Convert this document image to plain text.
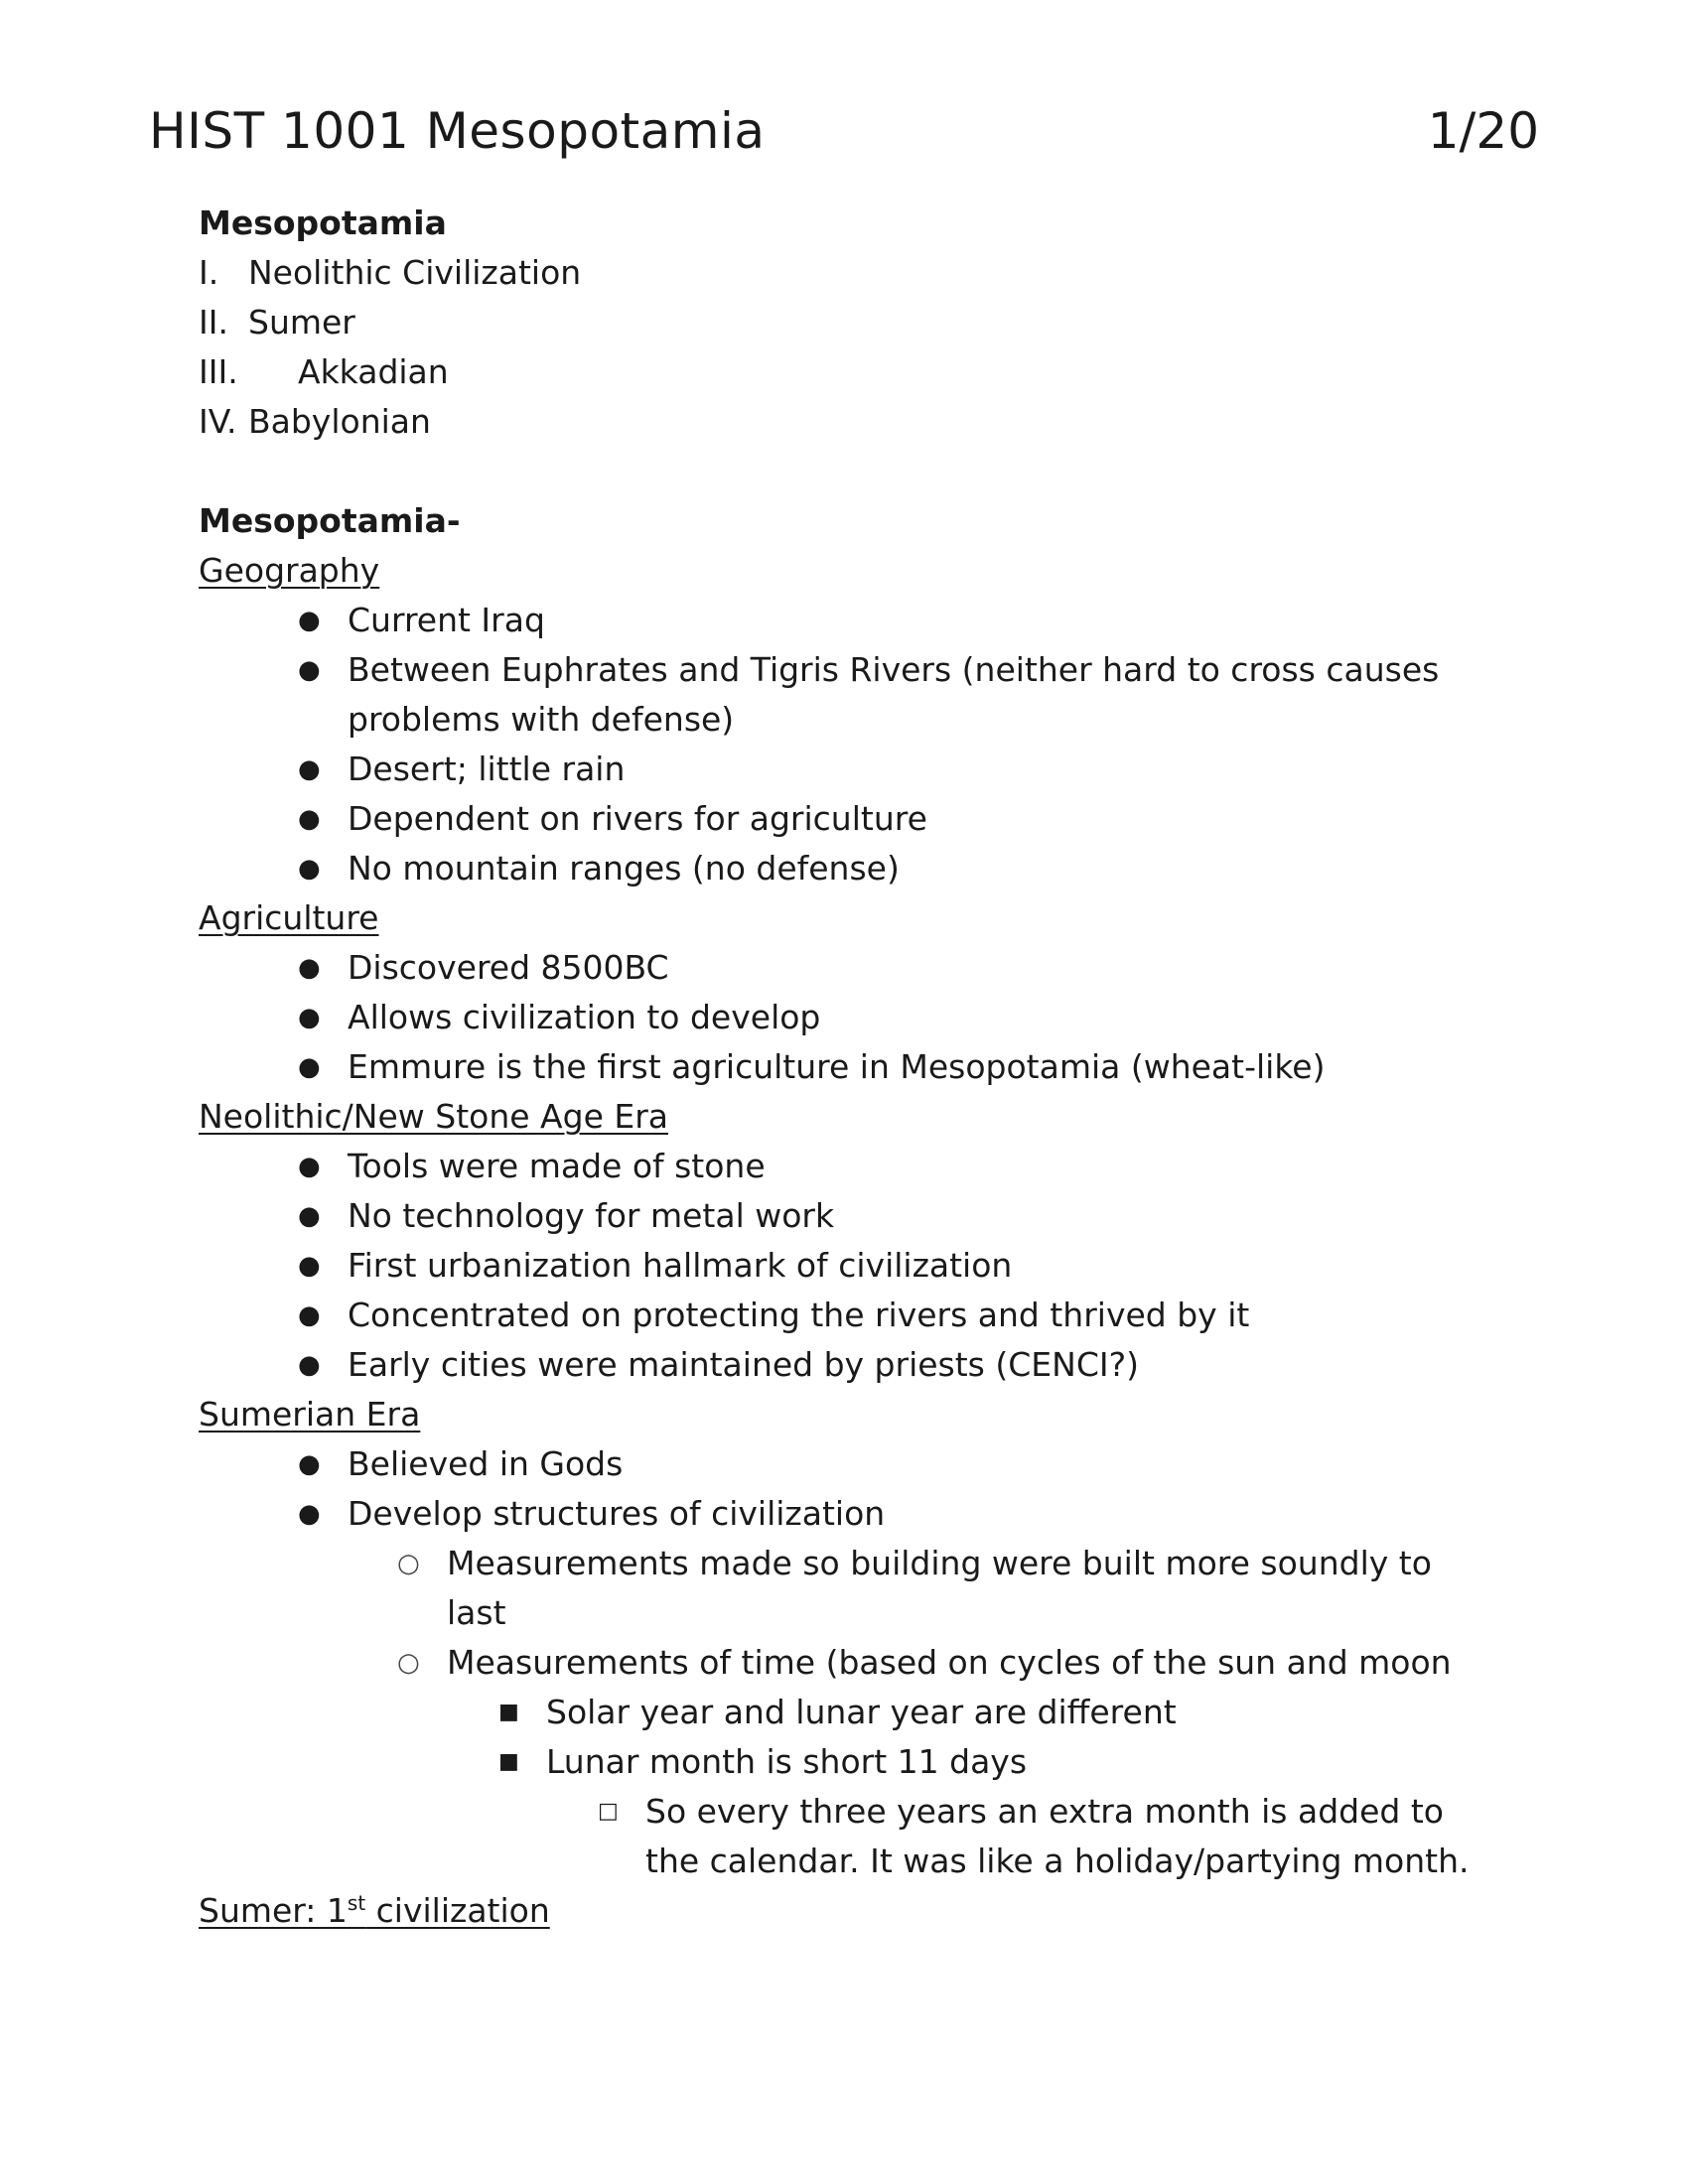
HIST 1001 Mesopotamia	1/20
Mesopotamia
I. Neolithic Civilization
II. Sumer
III. Akkadian
IV. Babylonian
Mesopotamia-
Geography
● Current Iraq
● Between Euphrates and Tigris Rivers (neither hard to cross causes problems with defense)
● Desert; little rain
● Dependent on rivers for agriculture
● No mountain ranges (no defense)
Agriculture
● Discovered 8500BC
● Allows civilization to develop
● Emmure is the first agriculture in Mesopotamia (wheat-like)
Neolithic/New Stone Age Era
● Tools were made of stone
● No technology for metal work
● First urbanization hallmark of civilization
● Concentrated on protecting the rivers and thrived by it
● Early cities were maintained by priests (CENCI?)
Sumerian Era
● Believed in Gods
● Develop structures of civilization
○ Measurements made so building were built more soundly to last
○ Measurements of time (based on cycles of the sun and moon
■ Solar year and lunar year are different
■ Lunar month is short 11 days
□ So every three years an extra month is added to the calendar. It was like a holiday/partying month.
Sumer: 1st civilization
